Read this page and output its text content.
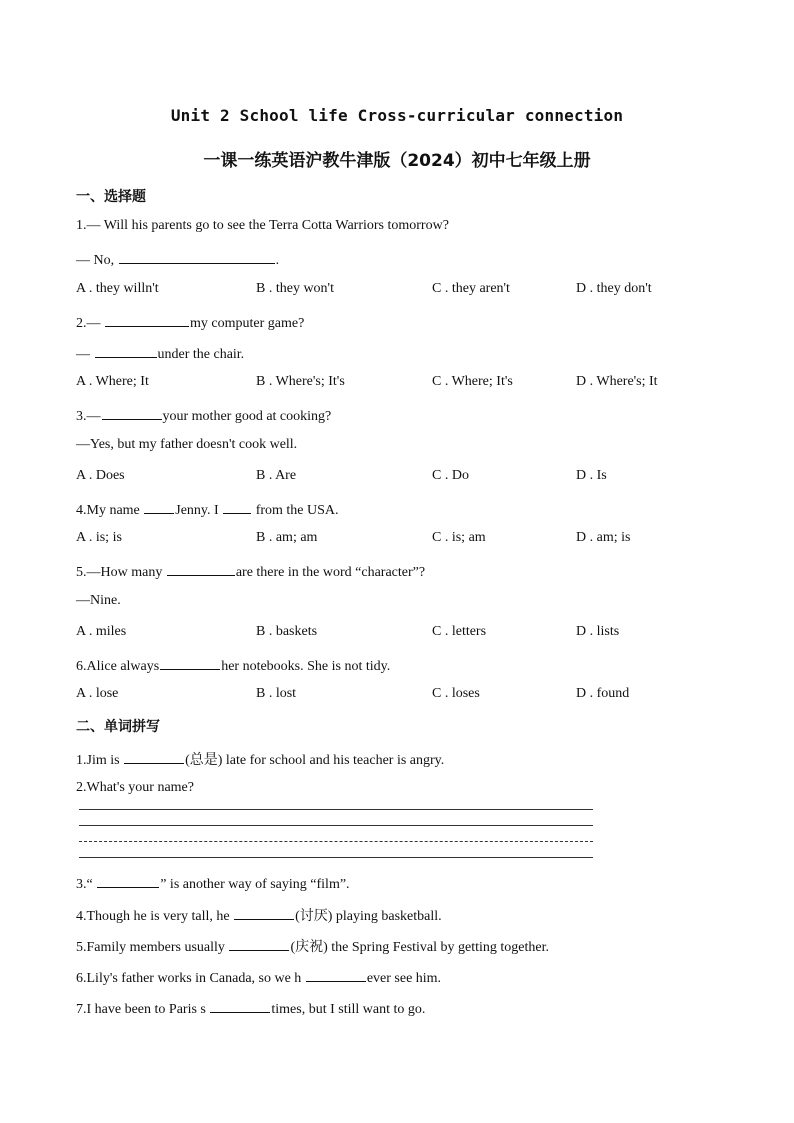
Unit 2 School life Cross-curricular connection
一课一练英语沪教牛津版（2024）初中七年级上册
一、选择题
1.— Will his parents go to see the Terra Cotta Warriors tomorrow?
— No,	.
A . they willn't	B . they won't	C . they aren't	D . they don't
2.—	my computer game?
—	under the chair.
A . Where; It	B . Where's; It's	C . Where; It's	D . Where's; It
3.—	your mother good at cooking?
—Yes, but my father doesn't cook well.
A . Does	B . Are	C . Do	D . Is
4.My name	Jenny. I	from the USA.
A . is; is	B . am; am	C . is; am	D . am; is
5.—How many	are there in the word “character”?
—Nine.
A . miles	B . baskets	C . letters	D . lists
6.Alice always	her notebooks. She is not tidy.
A . lose	B . lost	C . loses	D . found
二、单词拼写
1.Jim is	(总是) late for school and his teacher is angry.
2.What's your name?
3.“	” is another way of saying “film”.
4.Though he is very tall, he	(讨厌) playing basketball.
5.Family members usually	(庆祝) the Spring Festival by getting together.
6.Lily's father works in Canada, so we h	ever see him.
7.I have been to Paris s	times, but I still want to go.
